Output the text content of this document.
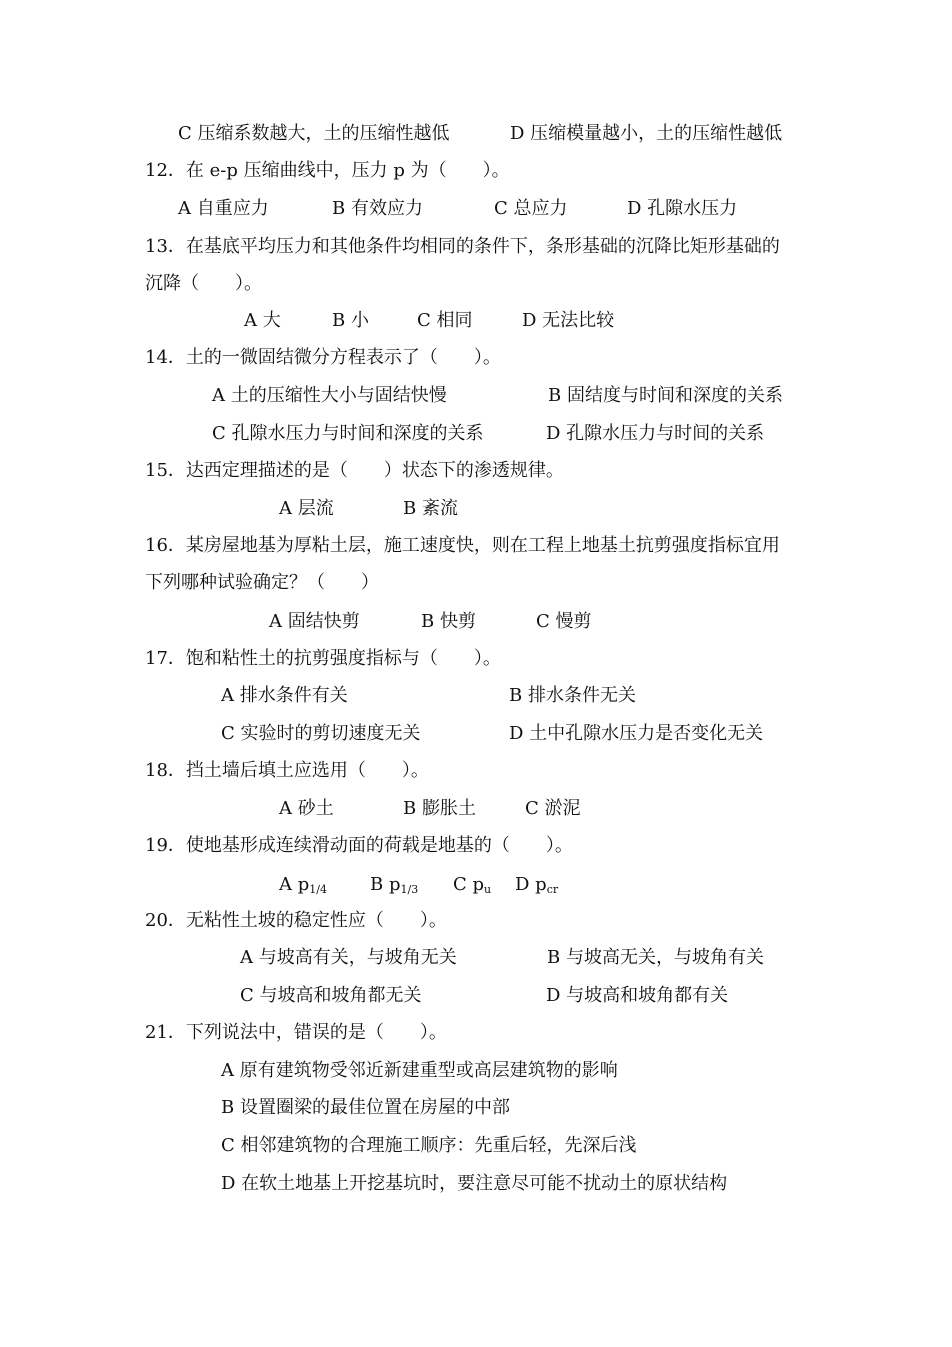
C 压缩系数越大，土的压缩性越低	D 压缩模量越小，土的压缩性越低
12．在 e-p 压缩曲线中，压力 p 为（　　）。
A 自重应力	B 有效应力	C 总应力	D 孔隙水压力
13．在基底平均压力和其他条件均相同的条件下，条形基础的沉降比矩形基础的
沉降（　　）。
A 大	B 小	C 相同	D 无法比较
14．土的一微固结微分方程表示了（　　）。
A 土的压缩性大小与固结快慢	B 固结度与时间和深度的关系
C 孔隙水压力与时间和深度的关系	D 孔隙水压力与时间的关系
15．达西定理描述的是（　　）状态下的渗透规律。
A 层流	B 紊流
16．某房屋地基为厚粘土层，施工速度快，则在工程上地基土抗剪强度指标宜用
下列哪种试验确定？（　　）
A 固结快剪	B 快剪	C 慢剪
17．饱和粘性土的抗剪强度指标与（　　）。
A 排水条件有关	B 排水条件无关
C 实验时的剪切速度无关	D 土中孔隙水压力是否变化无关
18．挡土墙后填土应选用（　　）。
A 砂土	B 膨胀土	C 淤泥
19．使地基形成连续滑动面的荷载是地基的（　　）。
A $p_{1/4}$ B $p_{1/3}$ C $p_u$ D $p_{cr}$
20．无粘性土坡的稳定性应（　　）。
A 与坡高有关，与坡角无关	B 与坡高无关，与坡角有关
C 与坡高和坡角都无关	D 与坡高和坡角都有关
21．下列说法中，错误的是（　　）。
A 原有建筑物受邻近新建重型或高层建筑物的影响
B 设置圈梁的最佳位置在房屋的中部
C 相邻建筑物的合理施工顺序：先重后轻，先深后浅
D 在软土地基上开挖基坑时，要注意尽可能不扰动土的原状结构
